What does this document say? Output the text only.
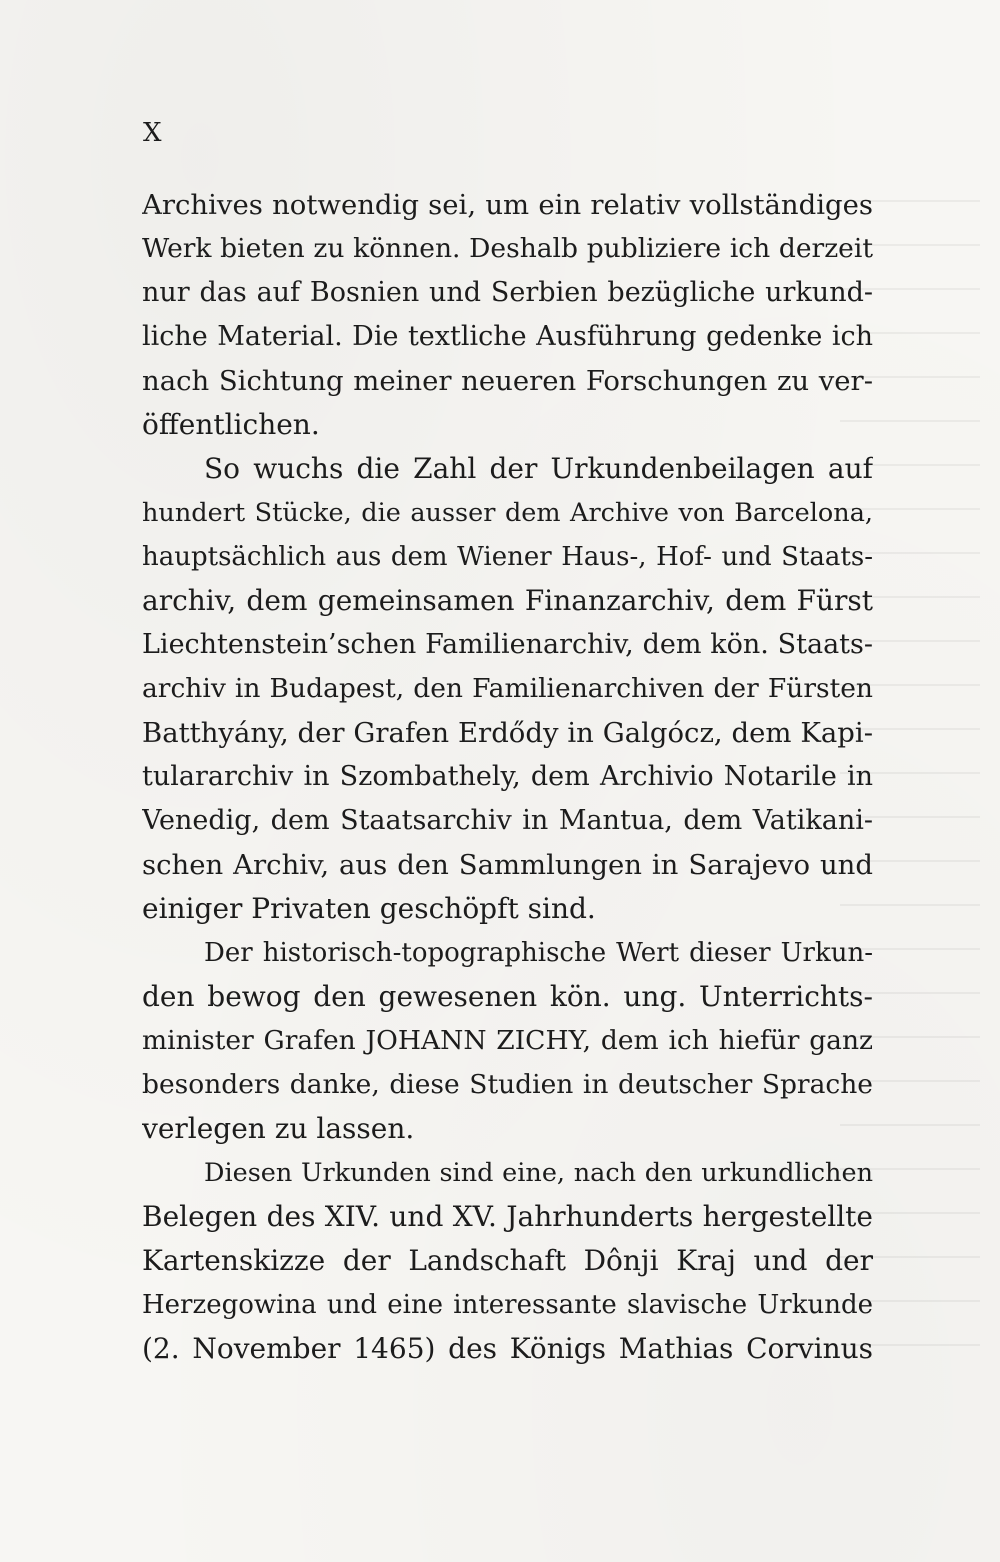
X
Archives notwendig sei, um ein relativ vollständiges
Werk bieten zu können. Deshalb publiziere ich derzeit
nur das auf Bosnien und Serbien bezügliche urkund-
liche Material. Die textliche Ausführung gedenke ich
nach Sichtung meiner neueren Forschungen zu ver-
öffentlichen.
So wuchs die Zahl der Urkundenbeilagen auf
hundert Stücke, die ausser dem Archive von Barcelona,
hauptsächlich aus dem Wiener Haus-, Hof- und Staats-
archiv, dem gemeinsamen Finanzarchiv, dem Fürst
Liechtenstein’schen Familienarchiv, dem kön. Staats-
archiv in Budapest, den Familienarchiven der Fürsten
Batthyány, der Grafen Erdődy in Galgócz, dem Kapi-
tulararchiv in Szombathely, dem Archivio Notarile in
Venedig, dem Staatsarchiv in Mantua, dem Vatikani-
schen Archiv, aus den Sammlungen in Sarajevo und
einiger Privaten geschöpft sind.
Der historisch-topographische Wert dieser Urkun-
den bewog den gewesenen kön. ung. Unterrichts-
minister Grafen JOHANN ZICHY, dem ich hiefür ganz
besonders danke, diese Studien in deutscher Sprache
verlegen zu lassen.
Diesen Urkunden sind eine, nach den urkundlichen
Belegen des XIV. und XV. Jahrhunderts hergestellte
Kartenskizze der Landschaft Dônji Kraj und der
Herzegowina und eine interessante slavische Urkunde
(2. November 1465) des Königs Mathias Corvinus
